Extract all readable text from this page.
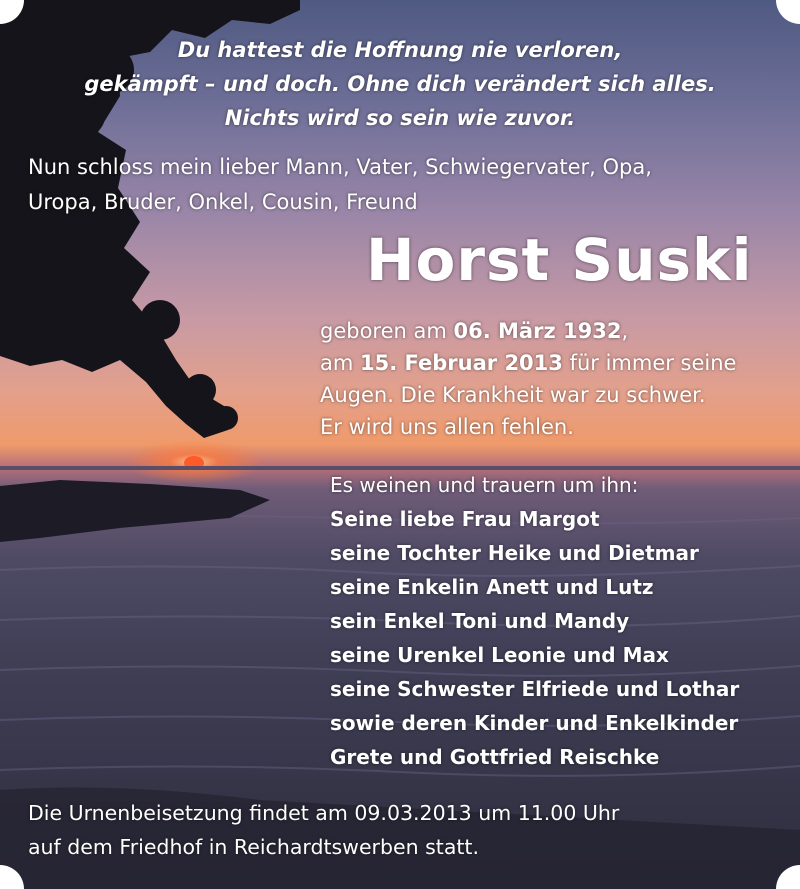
Du hattest die Hoffnung nie verloren,
gekämpft – und doch. Ohne dich verändert sich alles.
Nichts wird so sein wie zuvor.
Nun schloss mein lieber Mann, Vater, Schwiegervater, Opa,
Uropa, Bruder, Onkel, Cousin, Freund
Horst Suski
geboren am 06. März 1932,
am 15. Februar 2013 für immer seine
Augen. Die Krankheit war zu schwer.
Er wird uns allen fehlen.
Es weinen und trauern um ihn:
Seine liebe Frau Margot
seine Tochter Heike und Dietmar
seine Enkelin Anett und Lutz
sein Enkel Toni und Mandy
seine Urenkel Leonie und Max
seine Schwester Elfriede und Lothar
sowie deren Kinder und Enkelkinder
Grete und Gottfried Reischke
Die Urnenbeisetzung findet am 09.03.2013 um 11.00 Uhr
auf dem Friedhof in Reichardtswerben statt.
